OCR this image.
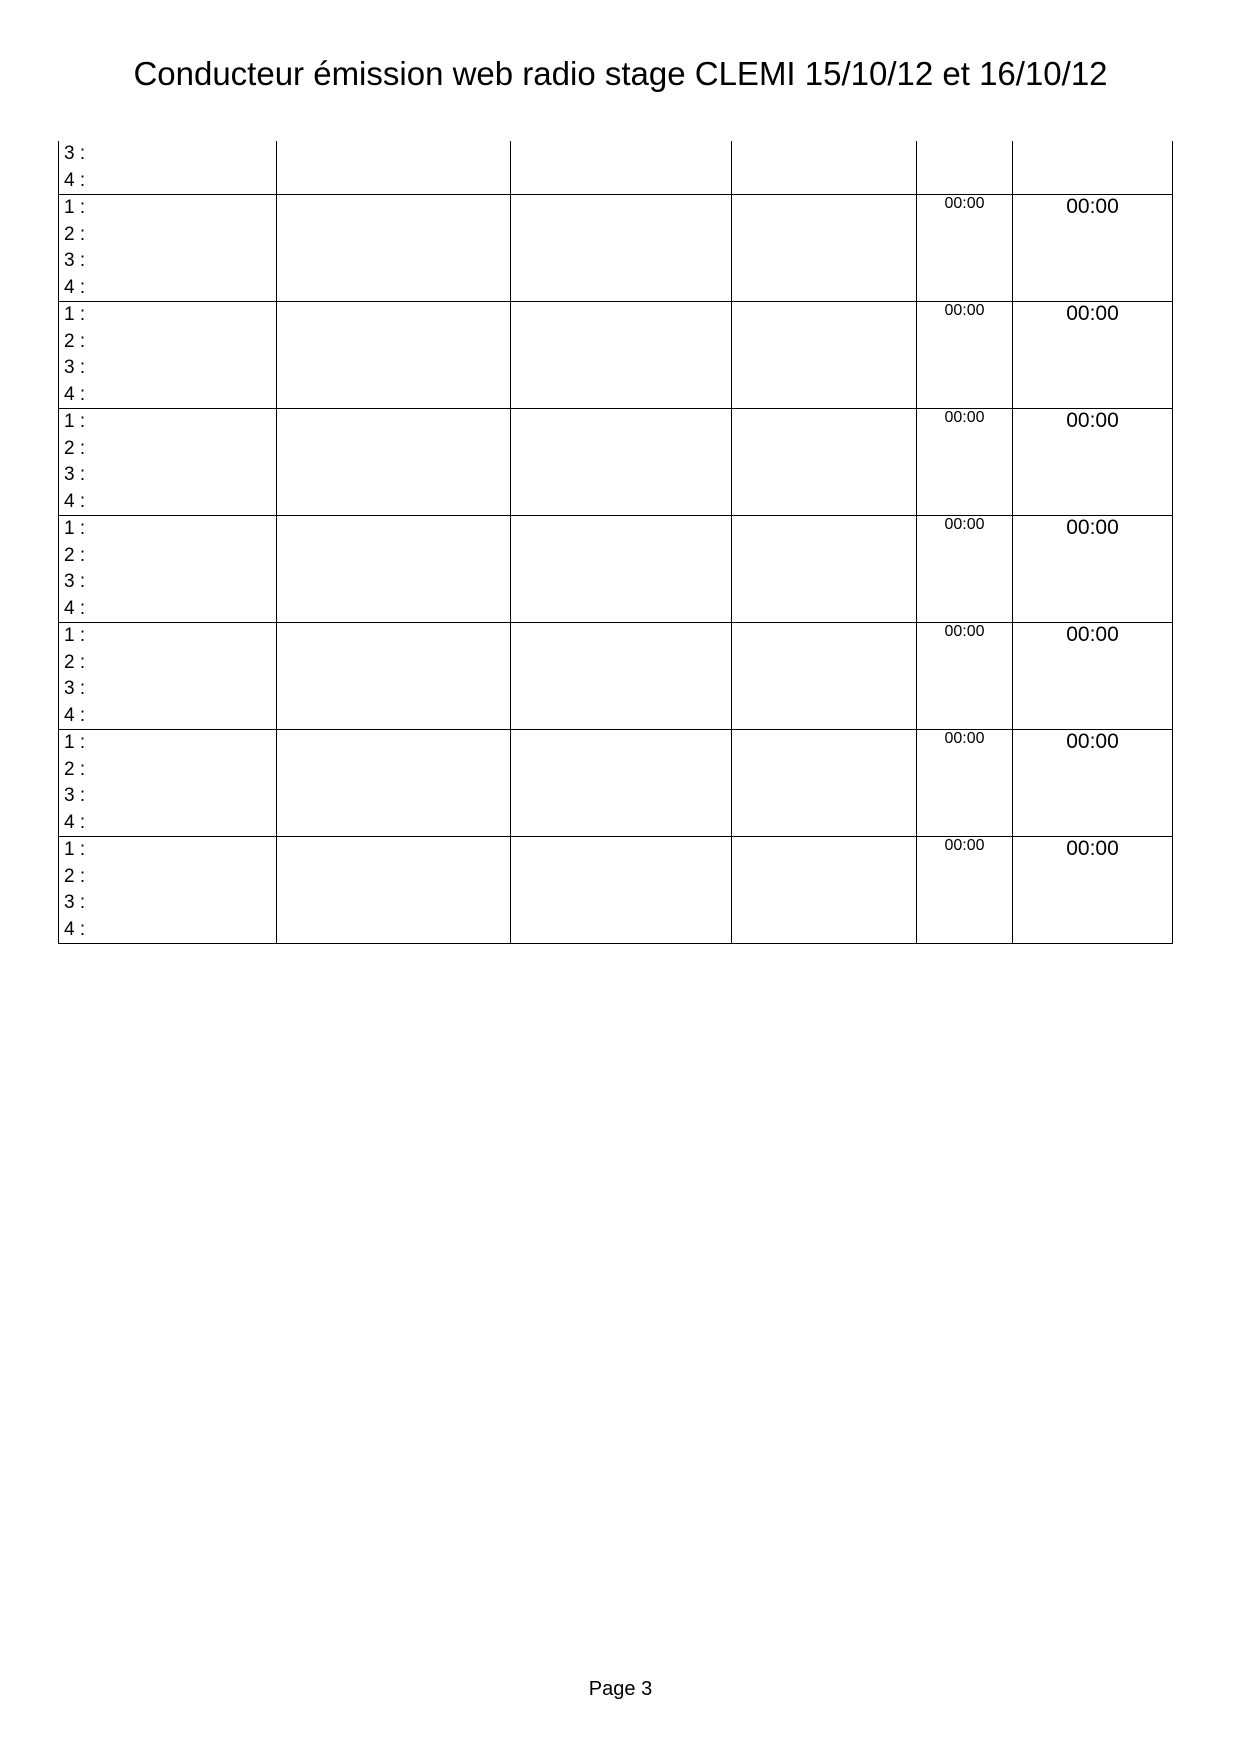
Conducteur émission web radio stage CLEMI 15/10/12 et 16/10/12
3 :
4 :					

1 :
2 :
3 :
4 :				00:00	00:00

1 :
2 :
3 :
4 :				00:00	00:00

1 :
2 :
3 :
4 :				00:00	00:00

1 :
2 :
3 :
4 :				00:00	00:00

1 :
2 :
3 :
4 :				00:00	00:00

1 :
2 :
3 :
4 :				00:00	00:00

1 :
2 :
3 :
4 :				00:00	00:00
Page 3
